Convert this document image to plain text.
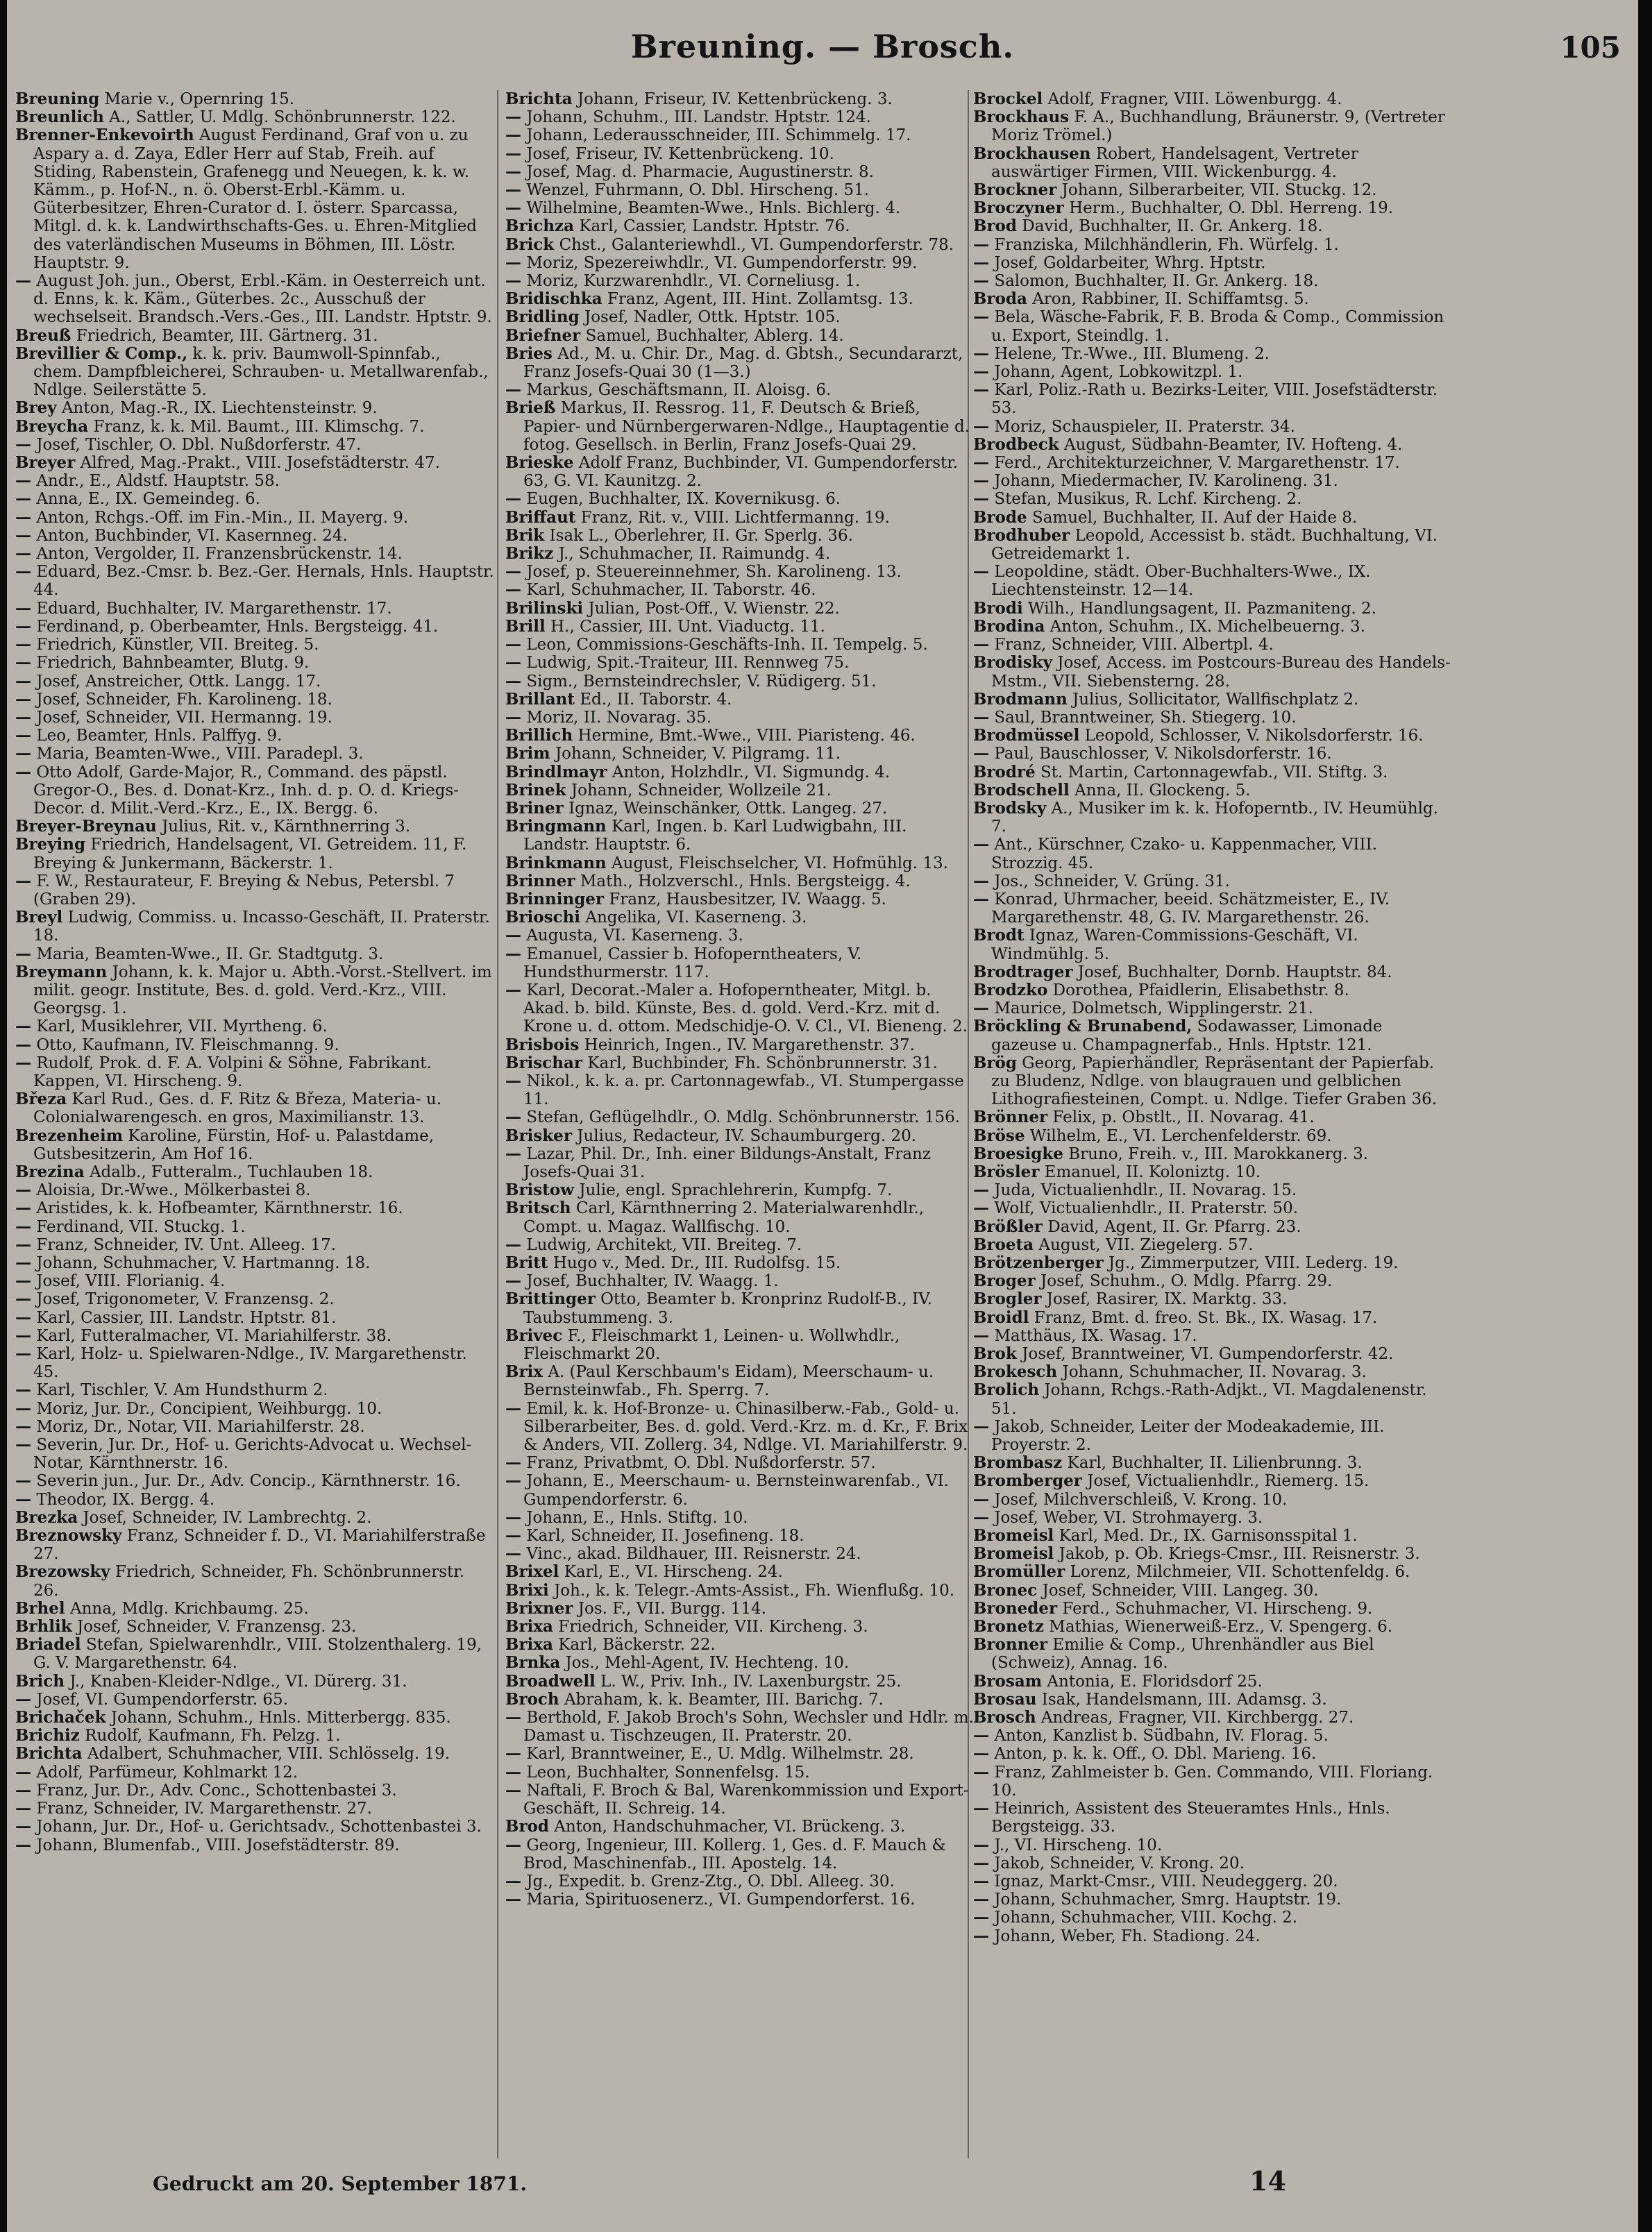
Breuning. — Brosch.	105

Breuning Marie v., Opernring 15.

Breunlich A., Sattler, U. Mdlg. Schönbrunnerstr. 122.

Brenner-Enkevoirth August Ferdinand, Graf von u. zu Aspary a. d. Zaya, Edler Herr auf Stab, Freih. auf Stiding, Rabenstein, Grafenegg und Neuegen, k. k. w. Kämm., p. Hof-N., n. ö. Oberst-Erbl.-Kämm. u. Güterbesitzer, Ehren-Curator d. I. österr. Sparcassa, Mitgl. d. k. k. Landwirthschafts-Ges. u. Ehren-Mitglied des vaterländischen Museums in Böhmen, III. Löstr. Hauptstr. 9.

— August Joh. jun., Oberst, Erbl.-Käm. in Oesterreich unt. d. Enns, k. k. Käm., Güterbes. 2c., Ausschuß der wechselseit. Brandsch.-Vers.-Ges., III. Landstr. Hptstr. 9.

Breuß Friedrich, Beamter, III. Gärtnerg. 31.

Brevillier & Comp., k. k. priv. Baumwoll-Spinnfab., chem. Dampfbleicherei, Schrauben- u. Metallwarenfab., Ndlge. Seilerstätte 5.

Brey Anton, Mag.-R., IX. Liechtensteinstr. 9.

Breycha Franz, k. k. Mil. Baumt., III. Klimschg. 7.

— Josef, Tischler, O. Dbl. Nußdorferstr. 47.

Breyer Alfred, Mag.-Prakt., VIII. Josefstädterstr. 47.

— Andr., E., Aldstf. Hauptstr. 58.

— Anna, E., IX. Gemeindeg. 6.

— Anton, Rchgs.-Off. im Fin.-Min., II. Mayerg. 9.

— Anton, Buchbinder, VI. Kasernneg. 24.

— Anton, Vergolder, II. Franzensbrückenstr. 14.

— Eduard, Bez.-Cmsr. b. Bez.-Ger. Hernals, Hnls. Hauptstr. 44.

— Eduard, Buchhalter, IV. Margarethenstr. 17.

— Ferdinand, p. Oberbeamter, Hnls. Bergsteigg. 41.

— Friedrich, Künstler, VII. Breiteg. 5.

— Friedrich, Bahnbeamter, Blutg. 9.

— Josef, Anstreicher, Ottk. Langg. 17.

— Josef, Schneider, Fh. Karolineng. 18.

— Josef, Schneider, VII. Hermanng. 19.

— Leo, Beamter, Hnls. Palffyg. 9.

— Maria, Beamten-Wwe., VIII. Paradepl. 3.

— Otto Adolf, Garde-Major, R., Command. des päpstl. Gregor-O., Bes. d. Donat-Krz., Inh. d. p. O. d. Kriegs-Decor. d. Milit.-Verd.-Krz., E., IX. Bergg. 6.

Breyer-Breynau Julius, Rit. v., Kärnthnerring 3.

Breying Friedrich, Handelsagent, VI. Getreidem. 11, F. Breying & Junkermann, Bäckerstr. 1.

— F. W., Restaurateur, F. Breying & Nebus, Petersbl. 7 (Graben 29).

Breyl Ludwig, Commiss. u. Incasso-Geschäft, II. Praterstr. 18.

— Maria, Beamten-Wwe., II. Gr. Stadtgutg. 3.

Breymann Johann, k. k. Major u. Abth.-Vorst.-Stellvert. im milit. geogr. Institute, Bes. d. gold. Verd.-Krz., VIII. Georgsg. 1.

— Karl, Musiklehrer, VII. Myrtheng. 6.

— Otto, Kaufmann, IV. Fleischmanng. 9.

— Rudolf, Prok. d. F. A. Volpini & Söhne, Fabrikant. Kappen, VI. Hirscheng. 9.

Březa Karl Rud., Ges. d. F. Ritz & Březa, Materia- u. Colonialwarengesch. en gros, Maximilianstr. 13.

Brezenheim Karoline, Fürstin, Hof- u. Palastdame, Gutsbesitzerin, Am Hof 16.

Brezina Adalb., Futteralm., Tuchlauben 18.

— Aloisia, Dr.-Wwe., Mölkerbastei 8.

— Aristides, k. k. Hofbeamter, Kärnthnerstr. 16.

— Ferdinand, VII. Stuckg. 1.

— Franz, Schneider, IV. Unt. Alleeg. 17.

— Johann, Schuhmacher, V. Hartmanng. 18.

— Josef, VIII. Florianig. 4.

— Josef, Trigonometer, V. Franzensg. 2.

— Karl, Cassier, III. Landstr. Hptstr. 81.

— Karl, Futteralmacher, VI. Mariahilferstr. 38.

— Karl, Holz- u. Spielwaren-Ndlge., IV. Margarethenstr. 45.

— Karl, Tischler, V. Am Hundsthurm 2.

— Moriz, Jur. Dr., Concipient, Weihburgg. 10.

— Moriz, Dr., Notar, VII. Mariahilferstr. 28.

— Severin, Jur. Dr., Hof- u. Gerichts-Advocat u. Wechsel-Notar, Kärnthnerstr. 16.

— Severin jun., Jur. Dr., Adv. Concip., Kärnthnerstr. 16.

— Theodor, IX. Bergg. 4.

Brezka Josef, Schneider, IV. Lambrechtg. 2.

Breznowsky Franz, Schneider f. D., VI. Mariahilferstraße 27.

Brezowsky Friedrich, Schneider, Fh. Schönbrunnerstr. 26.

Brhel Anna, Mdlg. Krichbaumg. 25.

Brhlik Josef, Schneider, V. Franzensg. 23.

Briadel Stefan, Spielwarenhdlr., VIII. Stolzenthalerg. 19, G. V. Margarethenstr. 64.

Brich J., Knaben-Kleider-Ndlge., VI. Dürerg. 31.

— Josef, VI. Gumpendorferstr. 65.

Brichaček Johann, Schuhm., Hnls. Mitterbergg. 835.

Brichiz Rudolf, Kaufmann, Fh. Pelzg. 1.

Brichta Adalbert, Schuhmacher, VIII. Schlösselg. 19.

— Adolf, Parfümeur, Kohlmarkt 12.

— Franz, Jur. Dr., Adv. Conc., Schottenbastei 3.

— Franz, Schneider, IV. Margarethenstr. 27.

— Johann, Jur. Dr., Hof- u. Gerichtsadv., Schottenbastei 3.

— Johann, Blumenfab., VIII. Josefstädterstr. 89.

Brichta Johann, Friseur, IV. Kettenbrückeng. 3.

— Johann, Schuhm., III. Landstr. Hptstr. 124.

— Johann, Lederausschneider, III. Schimmelg. 17.

— Josef, Friseur, IV. Kettenbrückeng. 10.

— Josef, Mag. d. Pharmacie, Augustinerstr. 8.

— Wenzel, Fuhrmann, O. Dbl. Hirscheng. 51.

— Wilhelmine, Beamten-Wwe., Hnls. Bichlerg. 4.

Brichza Karl, Cassier, Landstr. Hptstr. 76.

Brick Chst., Galanteriewhdl., VI. Gumpendorferstr. 78.

— Moriz, Spezereiwhdlr., VI. Gumpendorferstr. 99.

— Moriz, Kurzwarenhdlr., VI. Corneliusg. 1.

Bridischka Franz, Agent, III. Hint. Zollamtsg. 13.

Bridling Josef, Nadler, Ottk. Hptstr. 105.

Briefner Samuel, Buchhalter, Ablerg. 14.

Bries Ad., M. u. Chir. Dr., Mag. d. Gbtsh., Secundararzt, Franz Josefs-Quai 30 (1—3.)

— Markus, Geschäftsmann, II. Aloisg. 6.

Brieß Markus, II. Ressrog. 11, F. Deutsch & Brieß, Papier- und Nürnbergerwaren-Ndlge., Hauptagentie d. fotog. Gesellsch. in Berlin, Franz Josefs-Quai 29.

Brieske Adolf Franz, Buchbinder, VI. Gumpendorferstr. 63, G. VI. Kaunitzg. 2.

— Eugen, Buchhalter, IX. Kovernikusg. 6.

Briffaut Franz, Rit. v., VIII. Lichtfermanng. 19.

Brik Isak L., Oberlehrer, II. Gr. Sperlg. 36.

Brikz J., Schuhmacher, II. Raimundg. 4.

— Josef, p. Steuereinnehmer, Sh. Karolineng. 13.

— Karl, Schuhmacher, II. Taborstr. 46.

Brilinski Julian, Post-Off., V. Wienstr. 22.

Brill H., Cassier, III. Unt. Viaductg. 11.

— Leon, Commissions-Geschäfts-Inh. II. Tempelg. 5.

— Ludwig, Spit.-Traiteur, III. Rennweg 75.

— Sigm., Bernsteindrechsler, V. Rüdigerg. 51.

Brillant Ed., II. Taborstr. 4.

— Moriz, II. Novarag. 35.

Brillich Hermine, Bmt.-Wwe., VIII. Piaristeng. 46.

Brim Johann, Schneider, V. Pilgramg. 11.

Brindlmayr Anton, Holzhdlr., VI. Sigmundg. 4.

Brinek Johann, Schneider, Wollzeile 21.

Briner Ignaz, Weinschänker, Ottk. Langeg. 27.

Bringmann Karl, Ingen. b. Karl Ludwigbahn, III. Landstr. Hauptstr. 6.

Brinkmann August, Fleischselcher, VI. Hofmühlg. 13.

Brinner Math., Holzverschl., Hnls. Bergsteigg. 4.

Brinninger Franz, Hausbesitzer, IV. Waagg. 5.

Brioschi Angelika, VI. Kaserneng. 3.

— Augusta, VI. Kaserneng. 3.

— Emanuel, Cassier b. Hofoperntheaters, V. Hundsthurmerstr. 117.

— Karl, Decorat.-Maler a. Hofoperntheater, Mitgl. b. Akad. b. bild. Künste, Bes. d. gold. Verd.-Krz. mit d. Krone u. d. ottom. Medschidje-O. V. Cl., VI. Bieneng. 2.

Brisbois Heinrich, Ingen., IV. Margarethenstr. 37.

Brischar Karl, Buchbinder, Fh. Schönbrunnerstr. 31.

— Nikol., k. k. a. pr. Cartonnagewfab., VI. Stumpergasse 11.

— Stefan, Geflügelhdlr., O. Mdlg. Schönbrunnerstr. 156.

Brisker Julius, Redacteur, IV. Schaumburgerg. 20.

— Lazar, Phil. Dr., Inh. einer Bildungs-Anstalt, Franz Josefs-Quai 31.

Bristow Julie, engl. Sprachlehrerin, Kumpfg. 7.

Britsch Carl, Kärnthnerring 2. Materialwarenhdlr., Compt. u. Magaz. Wallfischg. 10.

— Ludwig, Architekt, VII. Breiteg. 7.

Britt Hugo v., Med. Dr., III. Rudolfsg. 15.

— Josef, Buchhalter, IV. Waagg. 1.

Brittinger Otto, Beamter b. Kronprinz Rudolf-B., IV. Taubstummeng. 3.

Brivec F., Fleischmarkt 1, Leinen- u. Wollwhdlr., Fleischmarkt 20.

Brix A. (Paul Kerschbaum's Eidam), Meerschaum- u. Bernsteinwfab., Fh. Sperrg. 7.

— Emil, k. k. Hof-Bronze- u. Chinasilberw.-Fab., Gold- u. Silberarbeiter, Bes. d. gold. Verd.-Krz. m. d. Kr., F. Brix & Anders, VII. Zollerg. 34, Ndlge. VI. Mariahilferstr. 9.

— Franz, Privatbmt, O. Dbl. Nußdorferstr. 57.

— Johann, E., Meerschaum- u. Bernsteinwarenfab., VI. Gumpendorferstr. 6.

— Johann, E., Hnls. Stiftg. 10.

— Karl, Schneider, II. Josefineng. 18.

— Vinc., akad. Bildhauer, III. Reisnerstr. 24.

Brixel Karl, E., VI. Hirscheng. 24.

Brixi Joh., k. k. Telegr.-Amts-Assist., Fh. Wienflußg. 10.

Brixner Jos. F., VII. Burgg. 114.

Brixa Friedrich, Schneider, VII. Kircheng. 3.

Brixa Karl, Bäckerstr. 22.

Brnka Jos., Mehl-Agent, IV. Hechteng. 10.

Broadwell L. W., Priv. Inh., IV. Laxenburgstr. 25.

Broch Abraham, k. k. Beamter, III. Barichg. 7.

— Berthold, F. Jakob Broch's Sohn, Wechsler und Hdlr. m. Damast u. Tischzeugen, II. Praterstr. 20.

— Karl, Branntweiner, E., U. Mdlg. Wilhelmstr. 28.

— Leon, Buchhalter, Sonnenfelsg. 15.

— Naftali, F. Broch & Bal, Warenkommission und Export-Geschäft, II. Schreig. 14.

Brod Anton, Handschuhmacher, VI. Brückeng. 3.

— Georg, Ingenieur, III. Kollerg. 1, Ges. d. F. Mauch & Brod, Maschinenfab., III. Apostelg. 14.

— Jg., Expedit. b. Grenz-Ztg., O. Dbl. Alleeg. 30.

— Maria, Spirituosenerz., VI. Gumpendorferst. 16.

Brockel Adolf, Fragner, VIII. Löwenburgg. 4.

Brockhaus F. A., Buchhandlung, Bräunerstr. 9, (Vertreter Moriz Trömel.)

Brockhausen Robert, Handelsagent, Vertreter auswärtiger Firmen, VIII. Wickenburgg. 4.

Brockner Johann, Silberarbeiter, VII. Stuckg. 12.

Broczyner Herm., Buchhalter, O. Dbl. Herreng. 19.

Brod David, Buchhalter, II. Gr. Ankerg. 18.

— Franziska, Milchhändlerin, Fh. Würfelg. 1.

— Josef, Goldarbeiter, Whrg. Hptstr.

— Salomon, Buchhalter, II. Gr. Ankerg. 18.

Broda Aron, Rabbiner, II. Schiffamtsg. 5.

— Bela, Wäsche-Fabrik, F. B. Broda & Comp., Commission u. Export, Steindlg. 1.

— Helene, Tr.-Wwe., III. Blumeng. 2.

— Johann, Agent, Lobkowitzpl. 1.

— Karl, Poliz.-Rath u. Bezirks-Leiter, VIII. Josefstädterstr. 53.

— Moriz, Schauspieler, II. Praterstr. 34.

Brodbeck August, Südbahn-Beamter, IV. Hofteng. 4.

— Ferd., Architekturzeichner, V. Margarethenstr. 17.

— Johann, Miedermacher, IV. Karolineng. 31.

— Stefan, Musikus, R. Lchf. Kircheng. 2.

Brode Samuel, Buchhalter, II. Auf der Haide 8.

Brodhuber Leopold, Accessist b. städt. Buchhaltung, VI. Getreidemarkt 1.

— Leopoldine, städt. Ober-Buchhalters-Wwe., IX. Liechtensteinstr. 12—14.

Brodi Wilh., Handlungsagent, II. Pazmaniteng. 2.

Brodina Anton, Schuhm., IX. Michelbeuerng. 3.

— Franz, Schneider, VIII. Albertpl. 4.

Brodisky Josef, Access. im Postcours-Bureau des Handels-Mstm., VII. Siebensterng. 28.

Brodmann Julius, Sollicitator, Wallfischplatz 2.

— Saul, Branntweiner, Sh. Stiegerg. 10.

Brodmüssel Leopold, Schlosser, V. Nikolsdorferstr. 16.

— Paul, Bauschlosser, V. Nikolsdorferstr. 16.

Brodré St. Martin, Cartonnagewfab., VII. Stiftg. 3.

Brodschell Anna, II. Glockeng. 5.

Brodsky A., Musiker im k. k. Hofoperntb., IV. Heumühlg. 7.

— Ant., Kürschner, Czako- u. Kappenmacher, VIII. Strozzig. 45.

— Jos., Schneider, V. Grüng. 31.

— Konrad, Uhrmacher, beeid. Schätzmeister, E., IV. Margarethenstr. 48, G. IV. Margarethenstr. 26.

Brodt Ignaz, Waren-Commissions-Geschäft, VI. Windmühlg. 5.

Brodtrager Josef, Buchhalter, Dornb. Hauptstr. 84.

Brodzko Dorothea, Pfaidlerin, Elisabethstr. 8.

— Maurice, Dolmetsch, Wipplingerstr. 21.

Bröckling & Brunabend, Sodawasser, Limonade gazeuse u. Champagnerfab., Hnls. Hptstr. 121.

Brög Georg, Papierhändler, Repräsentant der Papierfab. zu Bludenz, Ndlge. von blaugrauen und gelblichen Lithografiesteinen, Compt. u. Ndlge. Tiefer Graben 36.

Brönner Felix, p. Obstlt., II. Novarag. 41.

Bröse Wilhelm, E., VI. Lerchenfelderstr. 69.

Broesigke Bruno, Freih. v., III. Marokkanerg. 3.

Brösler Emanuel, II. Koloniztg. 10.

— Juda, Victualienhdlr., II. Novarag. 15.

— Wolf, Victualienhdlr., II. Praterstr. 50.

Brößler David, Agent, II. Gr. Pfarrg. 23.

Broeta August, VII. Ziegelerg. 57.

Brötzenberger Jg., Zimmerputzer, VIII. Lederg. 19.

Broger Josef, Schuhm., O. Mdlg. Pfarrg. 29.

Brogler Josef, Rasirer, IX. Marktg. 33.

Broidl Franz, Bmt. d. freo. St. Bk., IX. Wasag. 17.

— Matthäus, IX. Wasag. 17.

Brok Josef, Branntweiner, VI. Gumpendorferstr. 42.

Brokesch Johann, Schuhmacher, II. Novarag. 3.

Brolich Johann, Rchgs.-Rath-Adjkt., VI. Magdalenenstr. 51.

— Jakob, Schneider, Leiter der Modeakademie, III. Proyerstr. 2.

Brombasz Karl, Buchhalter, II. Lilienbrunng. 3.

Bromberger Josef, Victualienhdlr., Riemerg. 15.

— Josef, Milchverschleiß, V. Krong. 10.

— Josef, Weber, VI. Strohmayerg. 3.

Bromeisl Karl, Med. Dr., IX. Garnisonsspital 1.

Bromeisl Jakob, p. Ob. Kriegs-Cmsr., III. Reisnerstr. 3.

Bromüller Lorenz, Milchmeier, VII. Schottenfeldg. 6.

Bronec Josef, Schneider, VIII. Langeg. 30.

Broneder Ferd., Schuhmacher, VI. Hirscheng. 9.

Bronetz Mathias, Wienerweiß-Erz., V. Spengerg. 6.

Bronner Emilie & Comp., Uhrenhändler aus Biel (Schweiz), Annag. 16.

Brosam Antonia, E. Floridsdorf 25.

Brosau Isak, Handelsmann, III. Adamsg. 3.

Brosch Andreas, Fragner, VII. Kirchbergg. 27.

— Anton, Kanzlist b. Südbahn, IV. Florag. 5.

— Anton, p. k. k. Off., O. Dbl. Marieng. 16.

— Franz, Zahlmeister b. Gen. Commando, VIII. Floriang. 10.

— Heinrich, Assistent des Steueramtes Hnls., Hnls. Bergsteigg. 33.

— J., VI. Hirscheng. 10.

— Jakob, Schneider, V. Krong. 20.

— Ignaz, Markt-Cmsr., VIII. Neudeggerg. 20.

— Johann, Schuhmacher, Smrg. Hauptstr. 19.

— Johann, Schuhmacher, VIII. Kochg. 2.

— Johann, Weber, Fh. Stadiong. 24.

Gedruckt am 20. September 1871.	14
